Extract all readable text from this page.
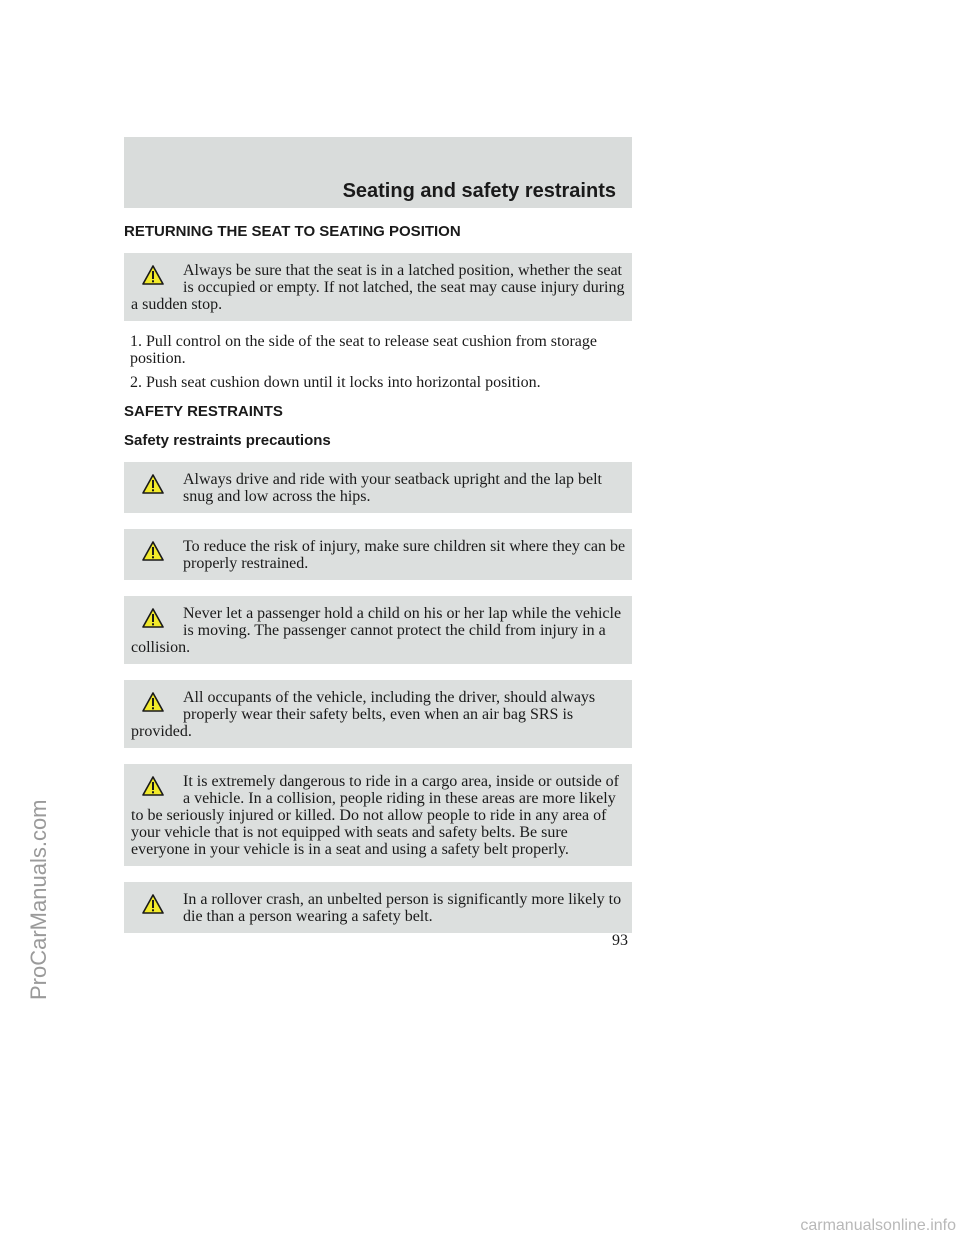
Seating and safety restraints
RETURNING THE SEAT TO SEATING POSITION

Always be sure that the seat is in a latched position, whether the seat is occupied or empty. If not latched, the seat may cause injury during a sudden stop.

1. Pull control on the side of the seat to release seat cushion from storage position.

2. Push seat cushion down until it locks into horizontal position.

SAFETY RESTRAINTS
Safety restraints precautions

Always drive and ride with your seatback upright and the lap belt snug and low across the hips.

To reduce the risk of injury, make sure children sit where they can be properly restrained.

Never let a passenger hold a child on his or her lap while the vehicle is moving. The passenger cannot protect the child from injury in a collision.

All occupants of the vehicle, including the driver, should always properly wear their safety belts, even when an air bag SRS is provided.

It is extremely dangerous to ride in a cargo area, inside or outside of a vehicle. In a collision, people riding in these areas are more likely to be seriously injured or killed. Do not allow people to ride in any area of your vehicle that is not equipped with seats and safety belts. Be sure everyone in your vehicle is in a seat and using a safety belt properly.

In a rollover crash, an unbelted person is significantly more likely to die than a person wearing a safety belt.

93
ProCarManuals.com
carmanualsonline.info
